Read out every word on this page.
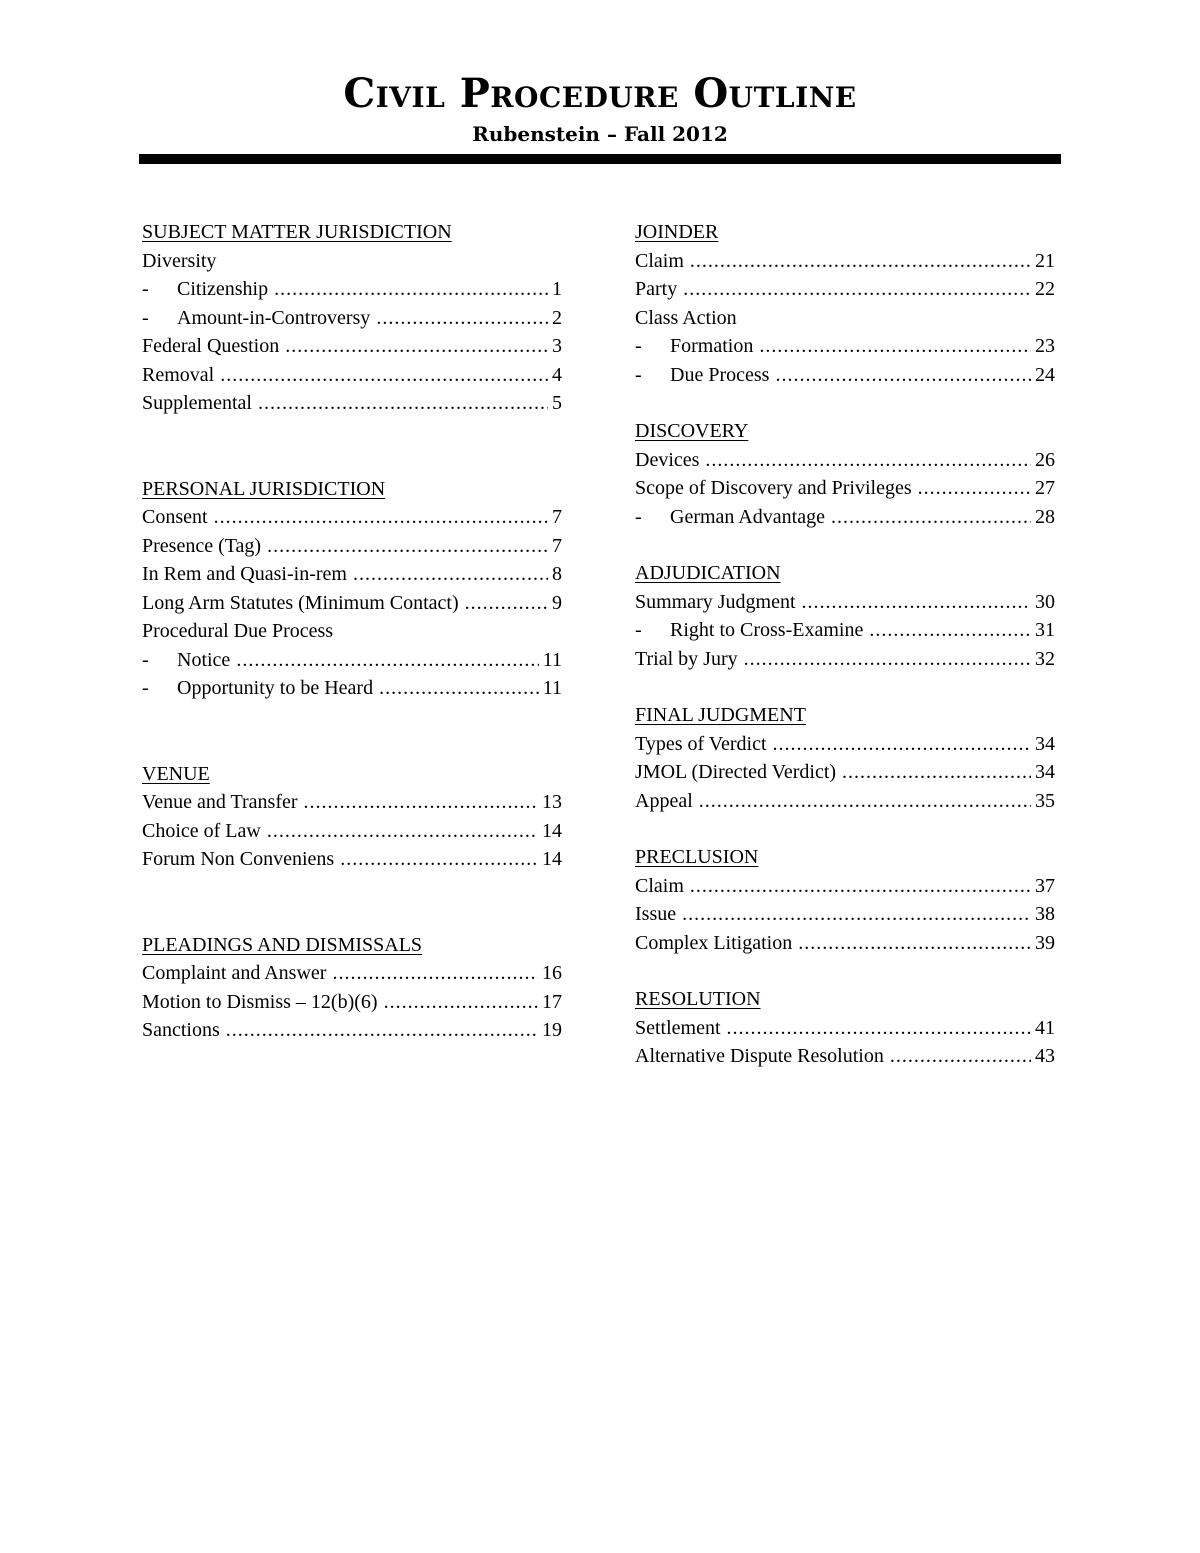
Civil Procedure Outline
Rubenstein – Fall 2012
SUBJECT MATTER JURISDICTION
Diversity
-	Citizenship .....	1
-	Amount-in-Controversy .....	2
Federal Question .....	3
Removal .....	4
Supplemental .....	5
PERSONAL JURISDICTION
Consent .....	7
Presence (Tag) .....	7
In Rem and Quasi-in-rem .....	8
Long Arm Statutes (Minimum Contact) .....	9
Procedural Due Process
-	Notice .....	11
-	Opportunity to be Heard .....	11
VENUE
Venue and Transfer .....	13
Choice of Law .....	14
Forum Non Conveniens .....	14
PLEADINGS AND DISMISSALS
Complaint and Answer .....	16
Motion to Dismiss – 12(b)(6) .....	17
Sanctions .....	19
JOINDER
Claim .....	21
Party .....	22
Class Action
-	Formation .....	23
-	Due Process .....	24
DISCOVERY
Devices .....	26
Scope of Discovery and Privileges .....	27
-	German Advantage .....	28
ADJUDICATION
Summary Judgment .....	30
-	Right to Cross-Examine .....	31
Trial by Jury .....	32
FINAL JUDGMENT
Types of Verdict .....	34
JMOL (Directed Verdict) .....	34
Appeal .....	35
PRECLUSION
Claim .....	37
Issue .....	38
Complex Litigation .....	39
RESOLUTION
Settlement .....	41
Alternative Dispute Resolution .....	43
